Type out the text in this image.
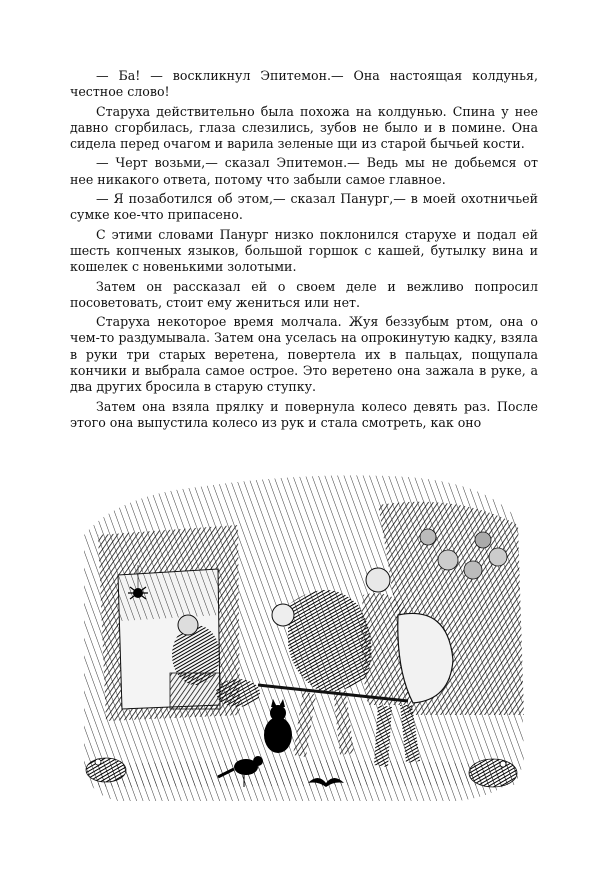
— Ба! — воскликнул Эпитемон.— Она настоящая колдунья, честное слово!

Старуха действительно была похожа на колдунью. Спина у нее давно сгорбилась, глаза слезились, зубов не было и в помине. Она сидела перед очагом и варила зеленые щи из старой бычьей кости.

— Черт возьми,— сказал Эпитемон.— Ведь мы не добьемся от нее никакого ответа, потому что забыли самое главное.

— Я позаботился об этом,— сказал Панург,— в моей охотничьей сумке кое-что припасено.

С этими словами Панург низко поклонился старухе и подал ей шесть копченых языков, большой горшок с кашей, бутылку вина и кошелек с новенькими золотыми.

Затем он рассказал ей о своем деле и вежливо попросил посоветовать, стоит ему жениться или нет.

Старуха некоторое время молчала. Жуя беззубым ртом, она о чем-то раздумывала. Затем она уселась на опрокинутую кадку, взяла в руки три старых веретена, повертела их в пальцах, пощупала кончики и выбрала самое острое. Это веретено она зажала в руке, а два других бросила в старую ступку.

Затем она взяла прялку и повернула колесо девять раз. После этого она выпустила колесо из рук и стала смотреть, как оно
